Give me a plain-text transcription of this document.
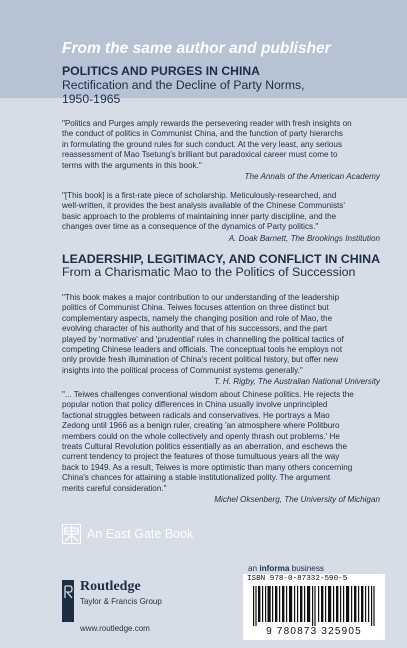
From the same author and publisher
POLITICS AND PURGES IN CHINA
Rectification and the Decline of Party Norms,
1950-1965

"Politics and Purges amply rewards the persevering reader with fresh insights on

the conduct of politics in Communist China, and the function of party hierarchs

in formulating the ground rules for such conduct. At the very least, any serious

reassessment of Mao Tsetung's brilliant but paradoxical career must come to

terms with the arguments in this book."

The Annals of the American Academy

"[This book] is a first-rate piece of scholarship. Meticulously-researched, and

well-written, it provides the best analysis available of the Chinese Communists'

basic approach to the problems of maintaining inner party discipline, and the

changes over time as a consequence of the dynamics of Party politics."

A. Doak Barnett, The Brookings Institution

LEADERSHIP, LEGITIMACY, AND CONFLICT IN CHINA
From a Charismatic Mao to the Politics of Succession

"This book makes a major contribution to our understanding of the leadership

politics of Communist China. Teiwes focuses attention on three distinct but

complementary aspects, namely the changing position and role of Mao, the

evolving character of his authority and that of his successors, and the part

played by 'normative' and 'prudential' rules in channelling the political tactics of

competing Chinese leaders and officials. The conceptual tools he employs not

only provide fresh illumination of China's recent political history, but offer new

insights into the political process of Communist systems generally."

T. H. Rigby, The Australian National University

"... Teiwes challenges conventional wisdom about Chinese politics. He rejects the

popular notion that policy differences in China usually involve unprincipled

factional struggles between radicals and conservatives. He portrays a Mao

Zedong until 1966 as a benign ruler, creating 'an atmosphere where Politburo

members could on the whole collectively and openly thrash out problems.' He

treats Cultural Revolution politics essentially as an aberration, and eschews the

current tendency to project the features of those tumultuous years all the way

back to 1949. As a result, Teiwes is more optimistic than many others concerning

China's chances for attaining a stable institutionalized polity. The argument

merits careful consideration."

Michel Oksenberg, The University of Michigan

An East Gate Book
an informa business

ISBN 978-0-87332-590-5

9 780873 325905
Routledge
Taylor & Francis Group
www.routledge.com
